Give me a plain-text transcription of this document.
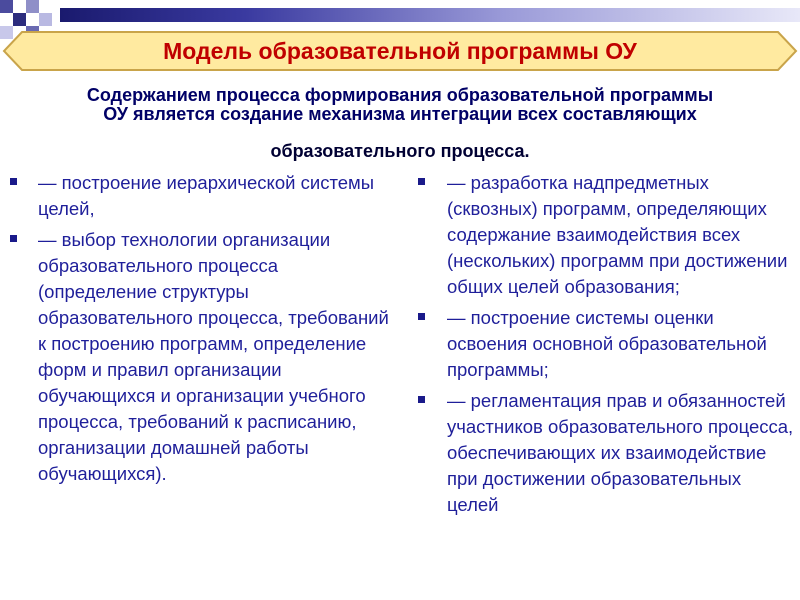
Модель образовательной программы ОУ
Содержанием процесса формирования образовательной программы
ОУ является создание механизма интеграции всех составляющих
образовательного процесса.
— построение иерархической системы целей,
— выбор технологии организации образовательного процесса (определение структуры образовательного процесса, требований к построению программ, определение форм и правил организации обучающихся и организации учебного процесса, требований к расписанию, организации домашней работы обучающихся).
— разработка надпредметных (сквозных) программ, определяющих содержание взаимодействия всех (нескольких) программ при достижении общих целей образования;
— построение системы оценки освоения основной образовательной программы;
— регламентация прав и обязанностей участников образовательного процесса, обеспечивающих их взаимодействие при достижении образовательных целей
